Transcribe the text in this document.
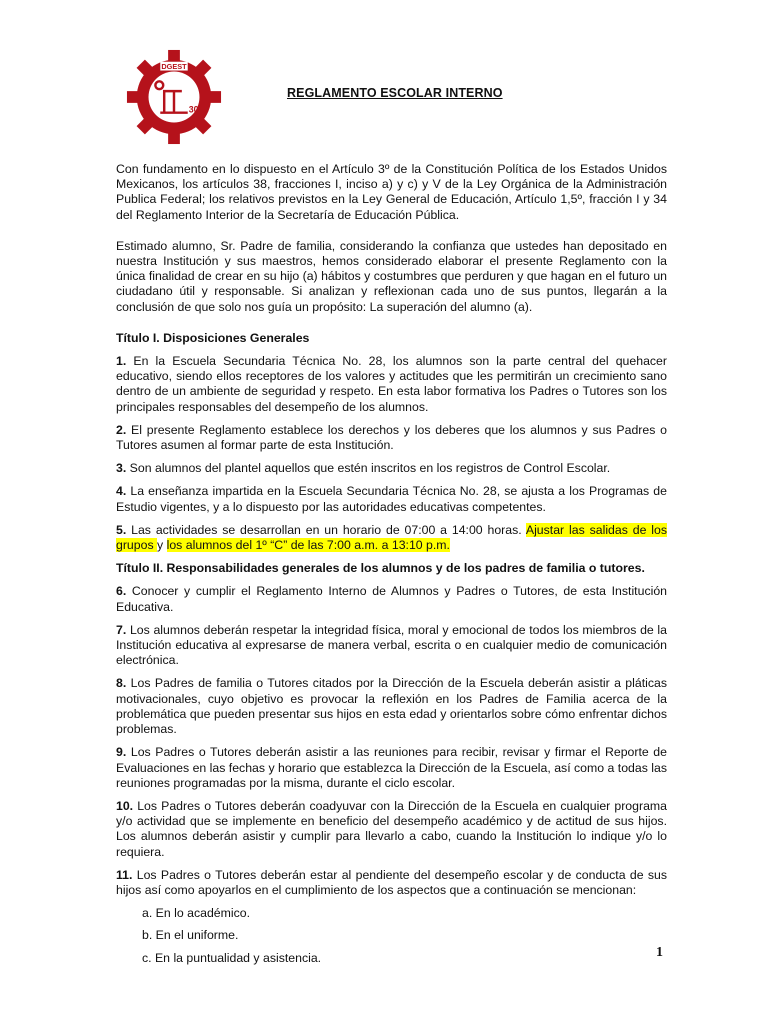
DGEST
30
REGLAMENTO ESCOLAR INTERNO

Con fundamento en lo dispuesto en el Artículo 3º de la Constitución Política de los Estados Unidos Mexicanos, los artículos 38, fracciones I, inciso a) y c) y V de la Ley Orgánica de la Administración Publica Federal; los relativos previstos en la Ley General de Educación, Artículo 1,5º, fracción I y 34 del Reglamento Interior de la Secretaría de Educación Pública.

Estimado alumno, Sr. Padre de familia, considerando la confianza que ustedes han depositado en nuestra Institución y sus maestros, hemos considerado elaborar el presente Reglamento con la única finalidad de crear en su hijo (a) hábitos y costumbres que perduren y que hagan en el futuro un ciudadano útil y responsable. Si analizan y reflexionan cada uno de sus puntos, llegarán a la conclusión de que solo nos guía un propósito: La superación del alumno (a).

Título I. Disposiciones Generales

1. En la Escuela Secundaria Técnica No. 28, los alumnos son la parte central del quehacer educativo, siendo ellos receptores de los valores y actitudes que les permitirán un crecimiento sano dentro de un ambiente de seguridad y respeto. En esta labor formativa los Padres o Tutores son los principales responsables del desempeño de los alumnos.

2. El presente Reglamento establece los derechos y los deberes que los alumnos y sus Padres o Tutores asumen al formar parte de esta Institución.

3. Son alumnos del plantel aquellos que estén inscritos en los registros de Control Escolar.

4. La enseñanza impartida en la Escuela Secundaria Técnica No. 28, se ajusta a los Programas de Estudio vigentes, y a lo dispuesto por las autoridades educativas competentes.

5. Las actividades se desarrollan en un horario de 07:00 a 14:00 horas. Ajustar las salidas de los grupos y los alumnos del 1º “C” de las 7:00 a.m. a 13:10 p.m.

Título II. Responsabilidades generales de los alumnos y de los padres de familia o tutores.

6. Conocer y cumplir el Reglamento Interno de Alumnos y Padres o Tutores, de esta Institución Educativa.

7. Los alumnos deberán respetar la integridad física, moral y emocional de todos los miembros de la Institución educativa al expresarse de manera verbal, escrita o en cualquier medio de comunicación electrónica.

8. Los Padres de familia o Tutores citados por la Dirección de la Escuela deberán asistir a pláticas motivacionales, cuyo objetivo es provocar la reflexión en los Padres de Familia acerca de la problemática que pueden presentar sus hijos en esta edad y orientarlos sobre cómo enfrentar dichos problemas.

9. Los Padres o Tutores deberán asistir a las reuniones para recibir, revisar y firmar el Reporte de Evaluaciones en las fechas y horario que establezca la Dirección de la Escuela, así como a todas las reuniones programadas por la misma, durante el ciclo escolar.

10. Los Padres o Tutores deberán coadyuvar con la Dirección de la Escuela en cualquier programa y/o actividad que se implemente en beneficio del desempeño académico y de actitud de sus hijos. Los alumnos deberán asistir y cumplir para llevarlo a cabo, cuando la Institución lo indique y/o lo requiera.

11. Los Padres o Tutores deberán estar al pendiente del desempeño escolar y de conducta de sus hijos así como apoyarlos en el cumplimiento de los aspectos que a continuación se mencionan:

a. En lo académico.

b. En el uniforme.

c. En la puntualidad y asistencia.	1
